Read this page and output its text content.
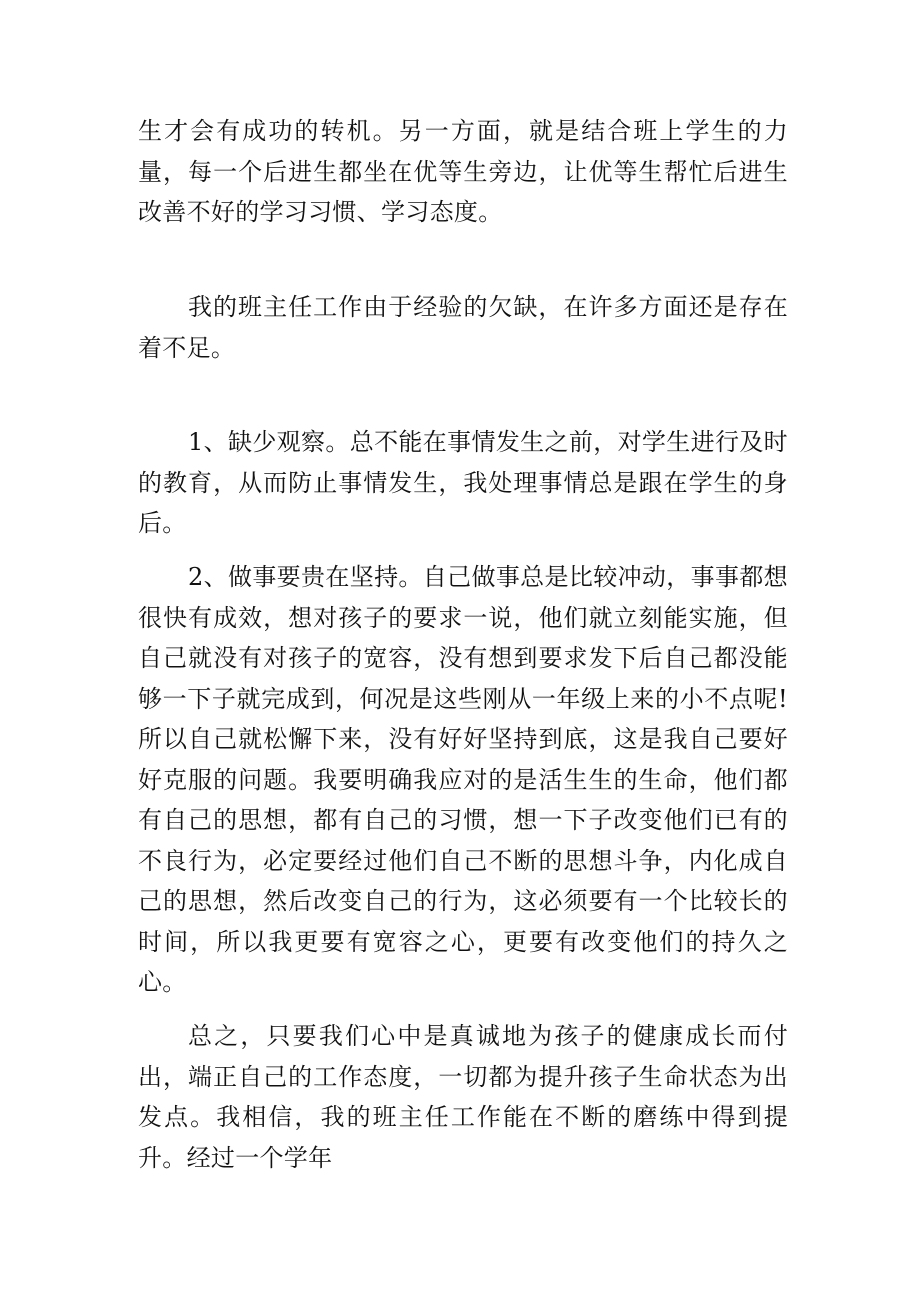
生才会有成功的转机。另一方面，就是结合班上学生的力量，每一个后进生都坐在优等生旁边，让优等生帮忙后进生改善不好的学习习惯、学习态度。

我的班主任工作由于经验的欠缺，在许多方面还是存在着不足。

1、缺少观察。总不能在事情发生之前，对学生进行及时的教育，从而防止事情发生，我处理事情总是跟在学生的身后。

2、做事要贵在坚持。自己做事总是比较冲动，事事都想很快有成效，想对孩子的要求一说，他们就立刻能实施，但自己就没有对孩子的宽容，没有想到要求发下后自己都没能够一下子就完成到，何况是这些刚从一年级上来的小不点呢!所以自己就松懈下来，没有好好坚持到底，这是我自己要好好克服的问题。我要明确我应对的是活生生的生命，他们都有自己的思想，都有自己的习惯，想一下子改变他们已有的不良行为，必定要经过他们自己不断的思想斗争，内化成自己的思想，然后改变自己的行为，这必须要有一个比较长的时间，所以我更要有宽容之心，更要有改变他们的持久之心。

总之，只要我们心中是真诚地为孩子的健康成长而付出，端正自己的工作态度，一切都为提升孩子生命状态为出发点。我相信，我的班主任工作能在不断的磨练中得到提升。经过一个学年
